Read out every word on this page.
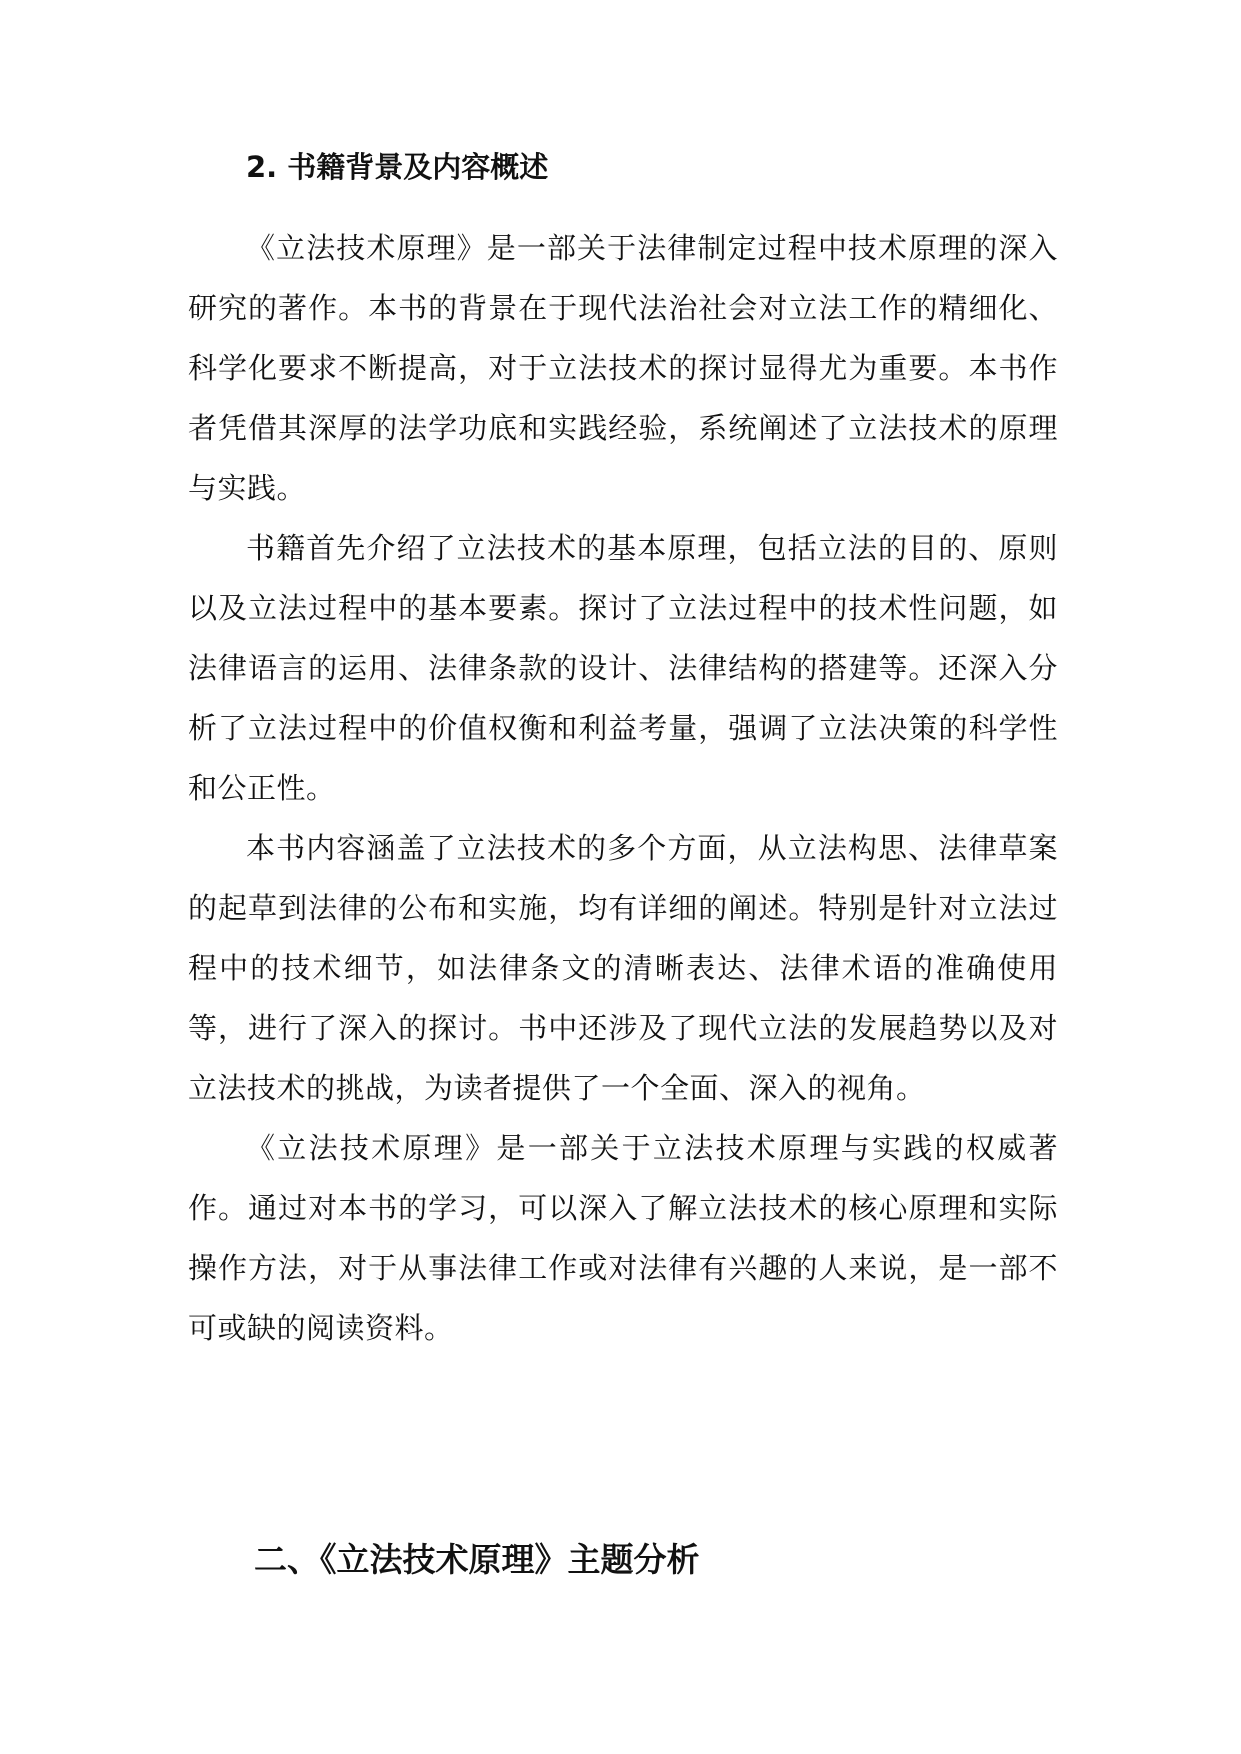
2. 书籍背景及内容概述

《立法技术原理》是一部关于法律制定过程中技术原理的深入研究的著作。本书的背景在于现代法治社会对立法工作的精细化、科学化要求不断提高，对于立法技术的探讨显得尤为重要。本书作者凭借其深厚的法学功底和实践经验，系统阐述了立法技术的原理与实践。

书籍首先介绍了立法技术的基本原理，包括立法的目的、原则以及立法过程中的基本要素。探讨了立法过程中的技术性问题，如法律语言的运用、法律条款的设计、法律结构的搭建等。还深入分析了立法过程中的价值权衡和利益考量，强调了立法决策的科学性和公正性。

本书内容涵盖了立法技术的多个方面，从立法构思、法律草案的起草到法律的公布和实施，均有详细的阐述。特别是针对立法过程中的技术细节，如法律条文的清晰表达、法律术语的准确使用等，进行了深入的探讨。书中还涉及了现代立法的发展趋势以及对立法技术的挑战，为读者提供了一个全面、深入的视角。

《立法技术原理》是一部关于立法技术原理与实践的权威著作。通过对本书的学习，可以深入了解立法技术的核心原理和实际操作方法，对于从事法律工作或对法律有兴趣的人来说，是一部不可或缺的阅读资料。

二、《立法技术原理》主题分析
